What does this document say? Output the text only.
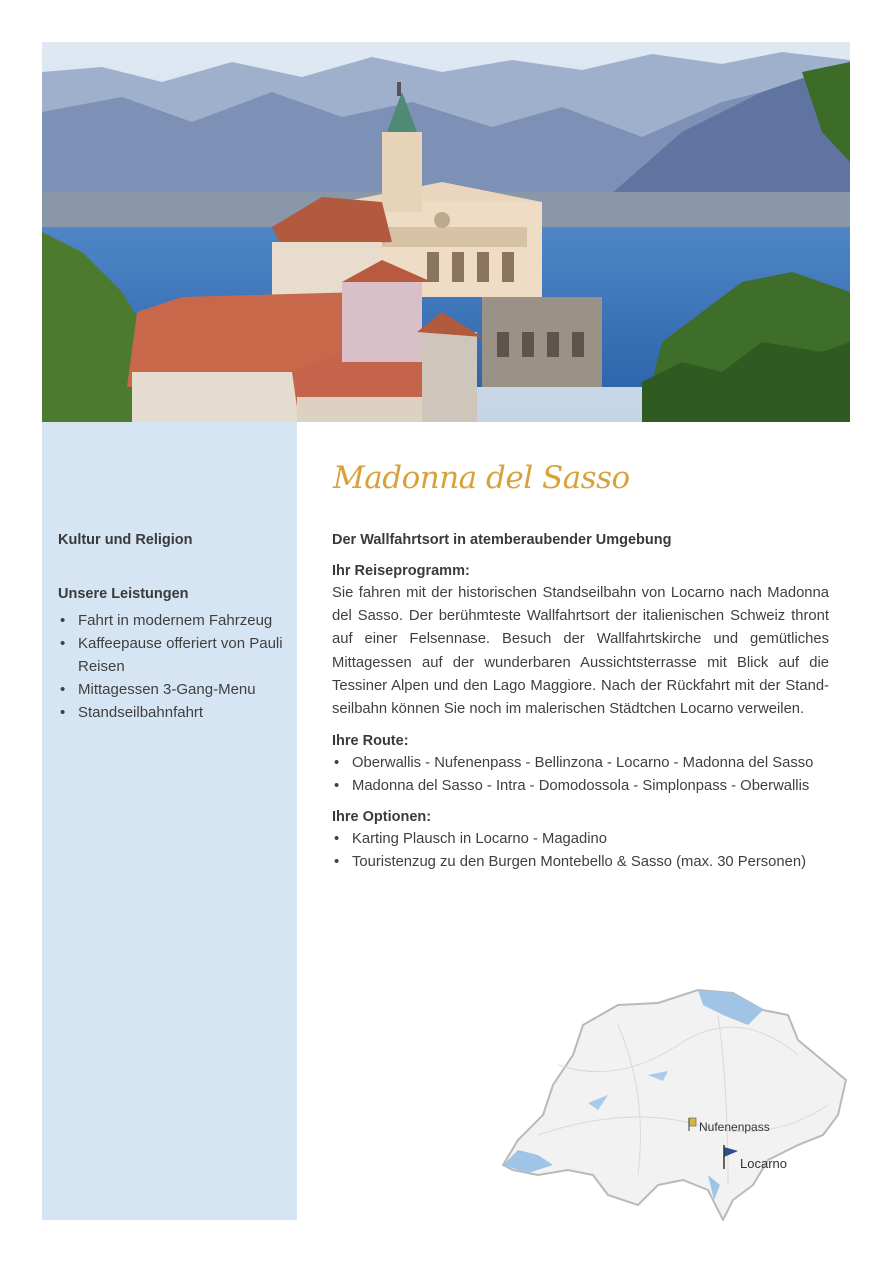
Kultur und Religion
Unsere Leistungen
• Fahrt in modernem Fahrzeug
• Kaffeepause offeriert von Pauli Reisen
• Mittagessen 3-Gang-Menu
• Standseilbahnfahrt
Madonna del Sasso

Der Wallfahrtsort in atemberaubender Umgebung

Ihr Reiseprogramm:

Sie fahren mit der historischen Standseilbahn von Locarno nach Madonna del Sasso. Der berühmteste Wallfahrtsort der italienischen Schweiz thront auf einer Felsennase. Besuch der Wallfahrtskirche und gemütliches Mittagessen auf der wunderbaren Aussichtsterrasse mit Blick auf die Tessiner Alpen und den Lago Maggiore. Nach der Rückfahrt mit der Stand-seilbahn können Sie noch im malerischen Städtchen Locarno verweilen.

Ihre Route:

• Oberwallis - Nufenenpass - Bellinzona - Locarno - Madonna del Sasso
• Madonna del Sasso - Intra - Domodossola - Simplonpass - Oberwallis

Ihre Optionen:

• Karting Plausch in Locarno - Magadino
• Touristenzug zu den Burgen Montebello & Sasso (max. 30 Personen)
Nufenenpass
Locarno
